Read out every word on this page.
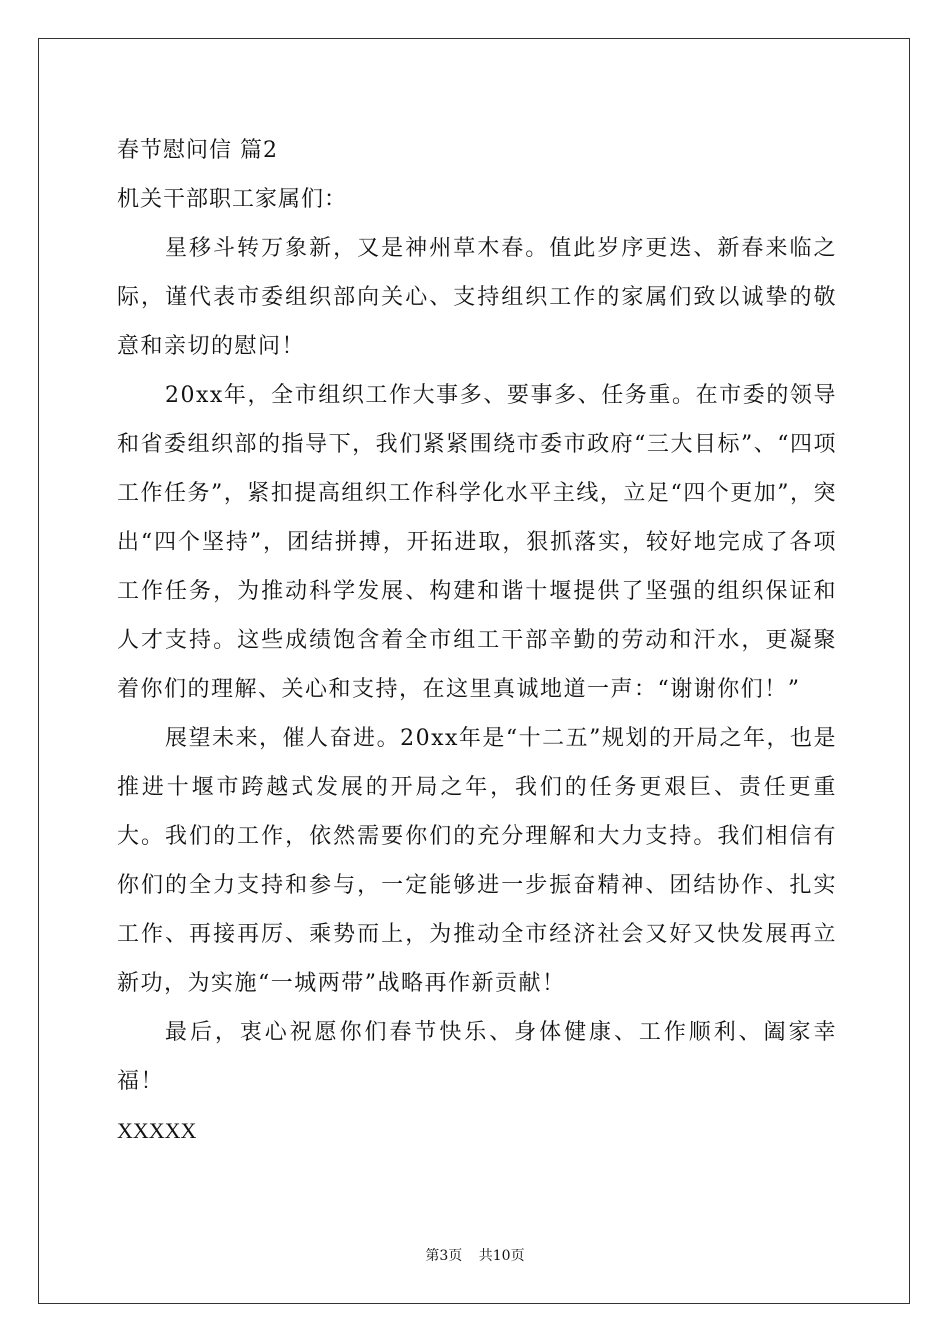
春节慰问信 篇2
机关干部职工家属们：

星移斗转万象新，又是神州草木春。值此岁序更迭、新春来临之际，谨代表市委组织部向关心、支持组织工作的家属们致以诚挚的敬意和亲切的慰问！

20xx年，全市组织工作大事多、要事多、任务重。在市委的领导和省委组织部的指导下，我们紧紧围绕市委市政府“三大目标”、“四项工作任务”，紧扣提高组织工作科学化水平主线，立足“四个更加”，突出“四个坚持”，团结拼搏，开拓进取，狠抓落实，较好地完成了各项工作任务，为推动科学发展、构建和谐十堰提供了坚强的组织保证和人才支持。这些成绩饱含着全市组工干部辛勤的劳动和汗水，更凝聚着你们的理解、关心和支持，在这里真诚地道一声：“谢谢你们！”

展望未来，催人奋进。20xx年是“十二五”规划的开局之年，也是推进十堰市跨越式发展的开局之年，我们的任务更艰巨、责任更重大。我们的工作，依然需要你们的充分理解和大力支持。我们相信有你们的全力支持和参与，一定能够进一步振奋精神、团结协作、扎实工作、再接再厉、乘势而上，为推动全市经济社会又好又快发展再立新功，为实施“一城两带”战略再作新贡献！

最后，衷心祝愿你们春节快乐、身体健康、工作顺利、阖家幸福！

XXXXX
第3页 共10页
